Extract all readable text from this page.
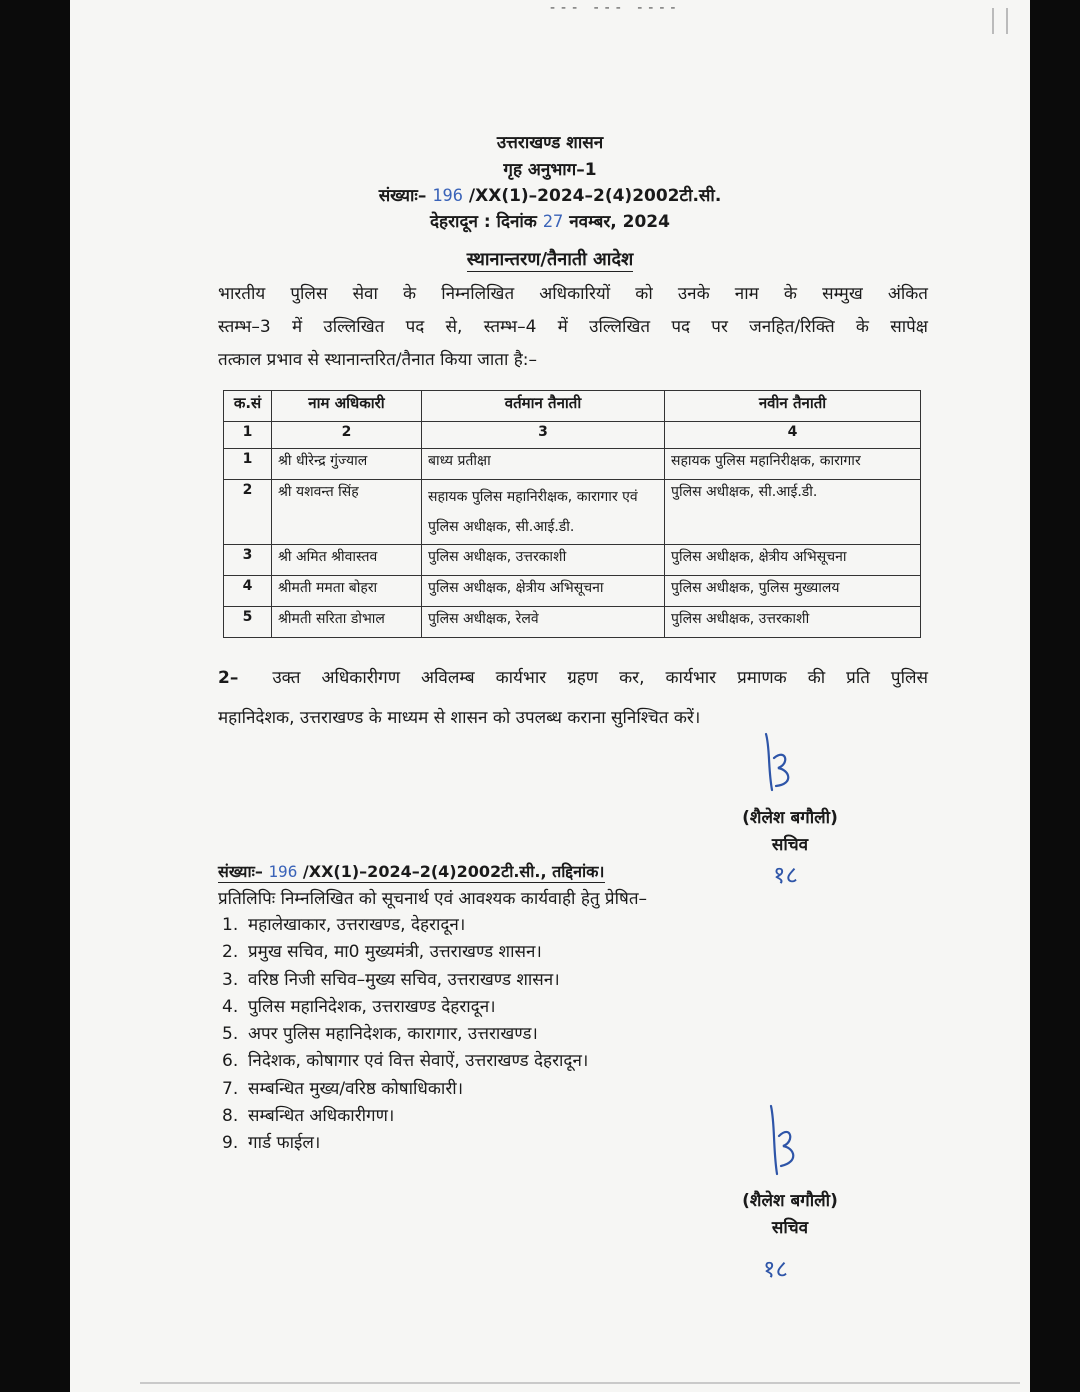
‐‐‐ ‐‐‐ ‐‐‐‐
उत्तराखण्ड शासन
गृह अनुभाग–1
संख्याः– 196 /XX(1)–2024–2(4)2002टी.सी.
देहरादून : दिनांक 27 नवम्बर, 2024
स्थानान्तरण/तैनाती आदेश
भारतीय पुलिस सेवा के निम्नलिखित अधिकारियों को उनके नाम के सम्मुख अंकित
स्तम्भ–3 में उल्लिखित पद से, स्तम्भ–4 में उल्लिखित पद पर जनहित/रिक्ति के सापेक्ष
तत्काल प्रभाव से स्थानान्तरित/तैनात किया जाता है:–
क.सं	नाम अधिकारी	वर्तमान तैनाती	नवीन तैनाती
1	2	3	4
1	श्री धीरेन्द्र गुंज्याल	बाध्य प्रतीक्षा	सहायक पुलिस महानिरीक्षक, कारागार
2	श्री यशवन्त सिंह	सहायक पुलिस महानिरीक्षक, कारागार एवं पुलिस अधीक्षक, सी.आई.डी.	पुलिस अधीक्षक, सी.आई.डी.
3	श्री अमित श्रीवास्तव	पुलिस अधीक्षक, उत्तरकाशी	पुलिस अधीक्षक, क्षेत्रीय अभिसूचना
4	श्रीमती ममता बोहरा	पुलिस अधीक्षक, क्षेत्रीय अभिसूचना	पुलिस अधीक्षक, पुलिस मुख्यालय
5	श्रीमती सरिता डोभाल	पुलिस अधीक्षक, रेलवे	पुलिस अधीक्षक, उत्तरकाशी
2– उक्त अधिकारीगण अविलम्ब कार्यभार ग्रहण कर, कार्यभार प्रमाणक की प्रति पुलिस
महानिदेशक, उत्तराखण्ड के माध्यम से शासन को उपलब्ध कराना सुनिश्चित करें।
(शैलेश बगौली)
सचिव
१८
संख्याः– 196 /XX(1)–2024–2(4)2002टी.सी., तद्दिनांक।
प्रतिलिपिः निम्नलिखित को सूचनार्थ एवं आवश्यक कार्यवाही हेतु प्रेषित–
1. महालेखाकार, उत्तराखण्ड, देहरादून।
2. प्रमुख सचिव, मा0 मुख्यमंत्री, उत्तराखण्ड शासन।
3. वरिष्ठ निजी सचिव–मुख्य सचिव, उत्तराखण्ड शासन।
4. पुलिस महानिदेशक, उत्तराखण्ड देहरादून।
5. अपर पुलिस महानिदेशक, कारागार, उत्तराखण्ड।
6. निदेशक, कोषागार एवं वित्त सेवाऐं, उत्तराखण्ड देहरादून।
7. सम्बन्धित मुख्य/वरिष्ठ कोषाधिकारी।
8. सम्बन्धित अधिकारीगण।
9. गार्ड फाईल।
(शैलेश बगौली)
सचिव
१८
